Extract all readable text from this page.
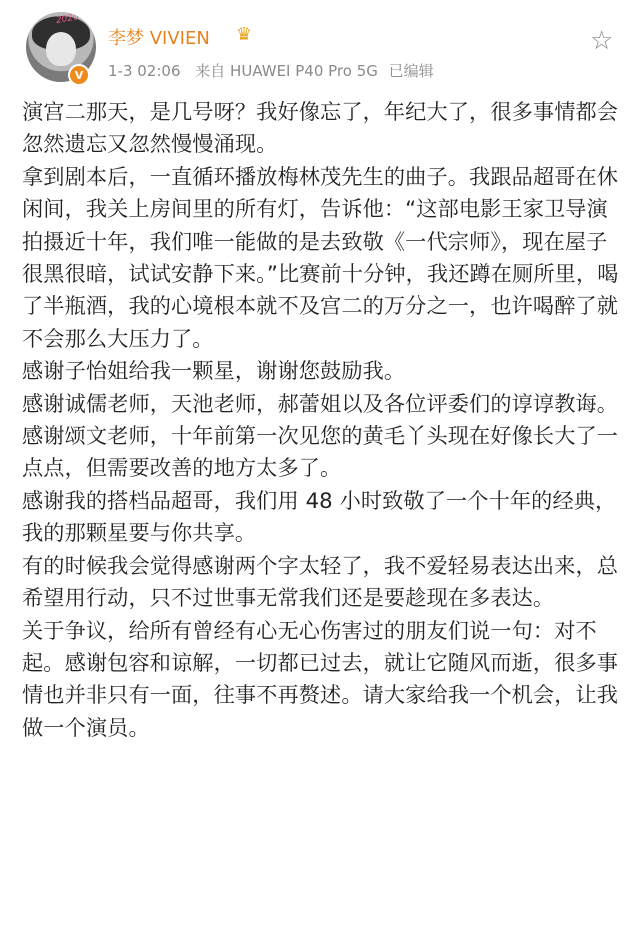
2020
V
李梦 VIVIEN ♛
1-3 02:06 来自 HUAWEI P40 Pro 5G 已编辑
☆

演宫二那天，是几号呀？我好像忘了，年纪大了，很多事情都会忽然遗忘又忽然慢慢涌现。

拿到剧本后，一直循环播放梅林茂先生的曲子。我跟品超哥在休闲间，我关上房间里的所有灯，告诉他：“这部电影王家卫导演拍摄近十年，我们唯一能做的是去致敬《一代宗师》，现在屋子很黑很暗，试试安静下来。”比赛前十分钟，我还蹲在厕所里，喝了半瓶酒，我的心境根本就不及宫二的万分之一，也许喝醉了就不会那么大压力了。

感谢子怡姐给我一颗星，谢谢您鼓励我。

感谢诚儒老师，天池老师，郝蕾姐以及各位评委们的谆谆教诲。

感谢颂文老师，十年前第一次见您的黄毛丫头现在好像长大了一点点，但需要改善的地方太多了。

感谢我的搭档品超哥，我们用 48 小时致敬了一个十年的经典，我的那颗星要与你共享。

有的时候我会觉得感谢两个字太轻了，我不爱轻易表达出来，总希望用行动，只不过世事无常我们还是要趁现在多表达。

关于争议，给所有曾经有心无心伤害过的朋友们说一句：对不起。感谢包容和谅解，一切都已过去，就让它随风而逝，很多事情也并非只有一面，往事不再赘述。请大家给我一个机会，让我做一个演员。
